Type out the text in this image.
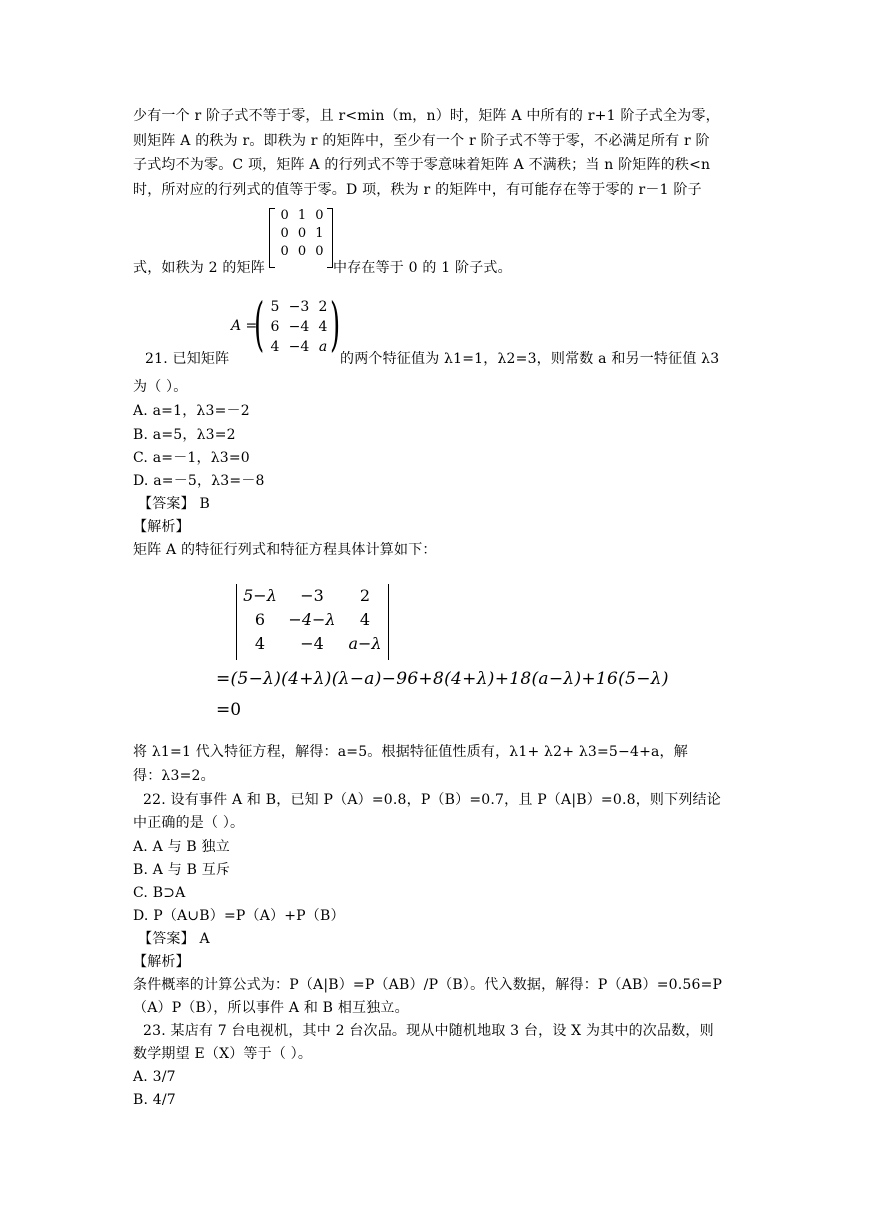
少有一个 r 阶子式不等于零，且 r<min（m，n）时，矩阵 A 中所有的 r+1 阶子式全为零，
则矩阵 A 的秩为 r。即秩为 r 的矩阵中，至少有一个 r 阶子式不等于零，不必满足所有 r 阶
子式均不为零。C 项，矩阵 A 的行列式不等于零意味着矩阵 A 不满秩；当 n 阶矩阵的秩<n
时，所对应的行列式的值等于零。D 项，秩为 r 的矩阵中，有可能存在等于零的 r－1 阶子
0 1 0
0 0 1
0 0 0
式，如秩为 2 的矩阵	中存在等于 0 的 1 阶子式。
A =
( 5 −3 2
6 −4 4
4 −4 a )
21. 已知矩阵	的两个特征值为 λ1=1，λ2=3，则常数 a 和另一特征值 λ3
为（ ）。
A. a=1，λ3=－2
B. a=5，λ3=2
C. a=－1，λ3=0
D. a=－5，λ3=－8
【答案】 B
【解析】
矩阵 A 的特征行列式和特征方程具体计算如下：
5−λ	−3	2
6	−4−λ	4
4	−4	a−λ
=(5−λ)(4+λ)(λ−a)−96+8(4+λ)+18(a−λ)+16(5−λ)
=0
将 λ1=1 代入特征方程，解得：a=5。根据特征值性质有，λ1+ λ2+ λ3=5−4+a，解
得：λ3=2。
22. 设有事件 A 和 B，已知 P（A）=0.8，P（B）=0.7，且 P（A|B）=0.8，则下列结论
中正确的是（ ）。
A. A 与 B 独立
B. A 与 B 互斥
C. B⊃A
D. P（A∪B）=P（A）+P（B）
【答案】 A
【解析】
条件概率的计算公式为：P（A|B）=P（AB）/P（B）。代入数据，解得：P（AB）=0.56=P
（A）P（B），所以事件 A 和 B 相互独立。
23. 某店有 7 台电视机，其中 2 台次品。现从中随机地取 3 台，设 X 为其中的次品数，则
数学期望 E（X）等于（ ）。
A. 3/7
B. 4/7
